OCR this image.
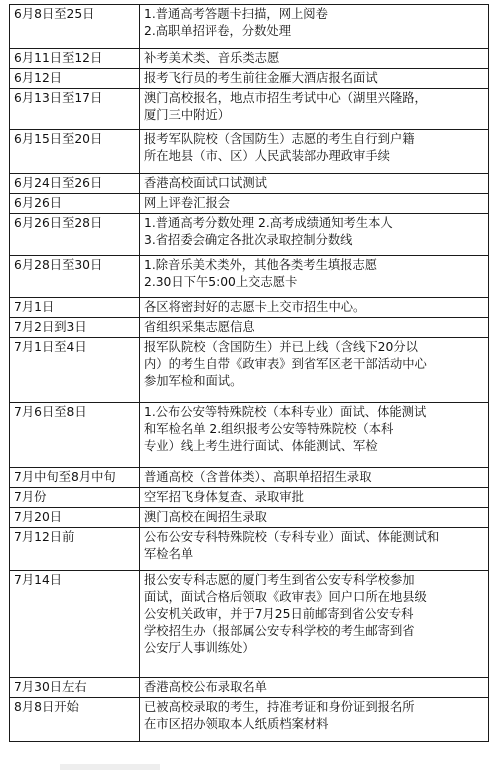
6月8日至25日	1.普通高考答题卡扫描，网上阅卷
2.高职单招评卷，分数处理

6月11日至12日	补考美术类、音乐类志愿

6月12日	报考飞行员的考生前往金雁大酒店报名面试

6月13日至17日	澳门高校报名，地点市招生考试中心（湖里兴隆路，
厦门三中附近）

6月15日至20日	报考军队院校（含国防生）志愿的考生自行到户籍
所在地县（市、区）人民武装部办理政审手续

6月24日至26日	香港高校面试口试测试

6月26日	网上评卷汇报会

6月26日至28日	1.普通高考分数处理 2.高考成绩通知考生本人
3.省招委会确定各批次录取控制分数线

6月28日至30日	1.除音乐美术类外，其他各类考生填报志愿
2.30日下午5:00上交志愿卡

7月1日	各区将密封好的志愿卡上交市招生中心。

7月2日到3日	省组织采集志愿信息

7月1日至4日	报军队院校（含国防生）并已上线（含线下20分以
内）的考生自带《政审表》到省军区老干部活动中心
参加军检和面试。

7月6日至8日	1.公布公安等特殊院校（本科专业）面试、体能测试
和军检名单 2.组织报考公安等特殊院校（本科
专业）线上考生进行面试、体能测试、军检

7月中旬至8月中旬	普通高校（含普体类）、高职单招招生录取

7月份	空军招飞身体复查、录取审批

7月20日	澳门高校在闽招生录取

7月12日前	公布公安专科特殊院校（专科专业）面试、体能测试和
军检名单

7月14日	报公安专科志愿的厦门考生到省公安专科学校参加
面试，面试合格后领取《政审表》回户口所在地县级
公安机关政审，并于7月25日前邮寄到省公安专科
学校招生办（报部属公安专科学校的考生邮寄到省
公安厅人事训练处）

7月30日左右	香港高校公布录取名单

8月8日开始	已被高校录取的考生，持准考证和身份证到报名所
在市区招办领取本人纸质档案材料
